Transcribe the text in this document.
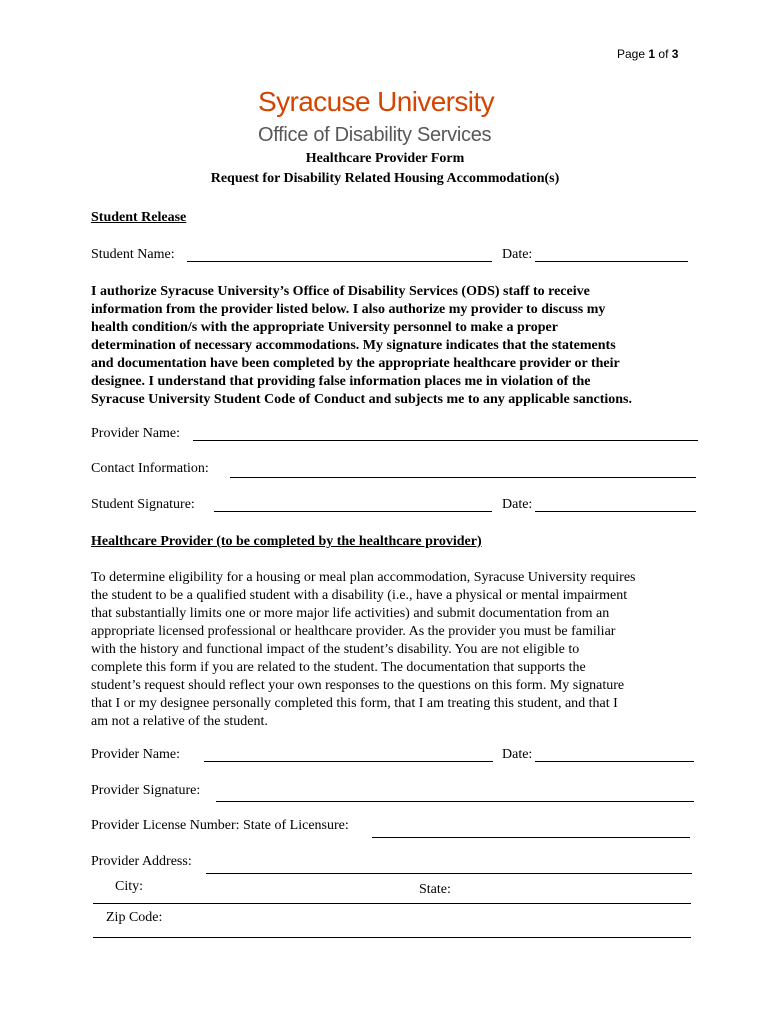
Page 1 of 3
Syracuse University
Office of Disability Services
Healthcare Provider Form
Request for Disability Related Housing Accommodation(s)
Student Release
Student Name:	Date:
I authorize Syracuse University’s Office of Disability Services (ODS) staff to receive
information from the provider listed below. I also authorize my provider to discuss my
health condition/s with the appropriate University personnel to make a proper
determination of necessary accommodations. My signature indicates that the statements
and documentation have been completed by the appropriate healthcare provider or their
designee. I understand that providing false information places me in violation of the
Syracuse University Student Code of Conduct and subjects me to any applicable sanctions.
Provider Name:
Contact Information:
Student Signature:	Date:
Healthcare Provider (to be completed by the healthcare provider)
To determine eligibility for a housing or meal plan accommodation, Syracuse University requires
the student to be a qualified student with a disability (i.e., have a physical or mental impairment
that substantially limits one or more major life activities) and submit documentation from an
appropriate licensed professional or healthcare provider. As the provider you must be familiar
with the history and functional impact of the student’s disability. You are not eligible to
complete this form if you are related to the student. The documentation that supports the
student’s request should reflect your own responses to the questions on this form. My signature
that I or my designee personally completed this form, that I am treating this student, and that I
am not a relative of the student.
Provider Name:	Date:
Provider Signature:
Provider License Number: State of Licensure:
Provider Address:
City:	State:
Zip Code:
